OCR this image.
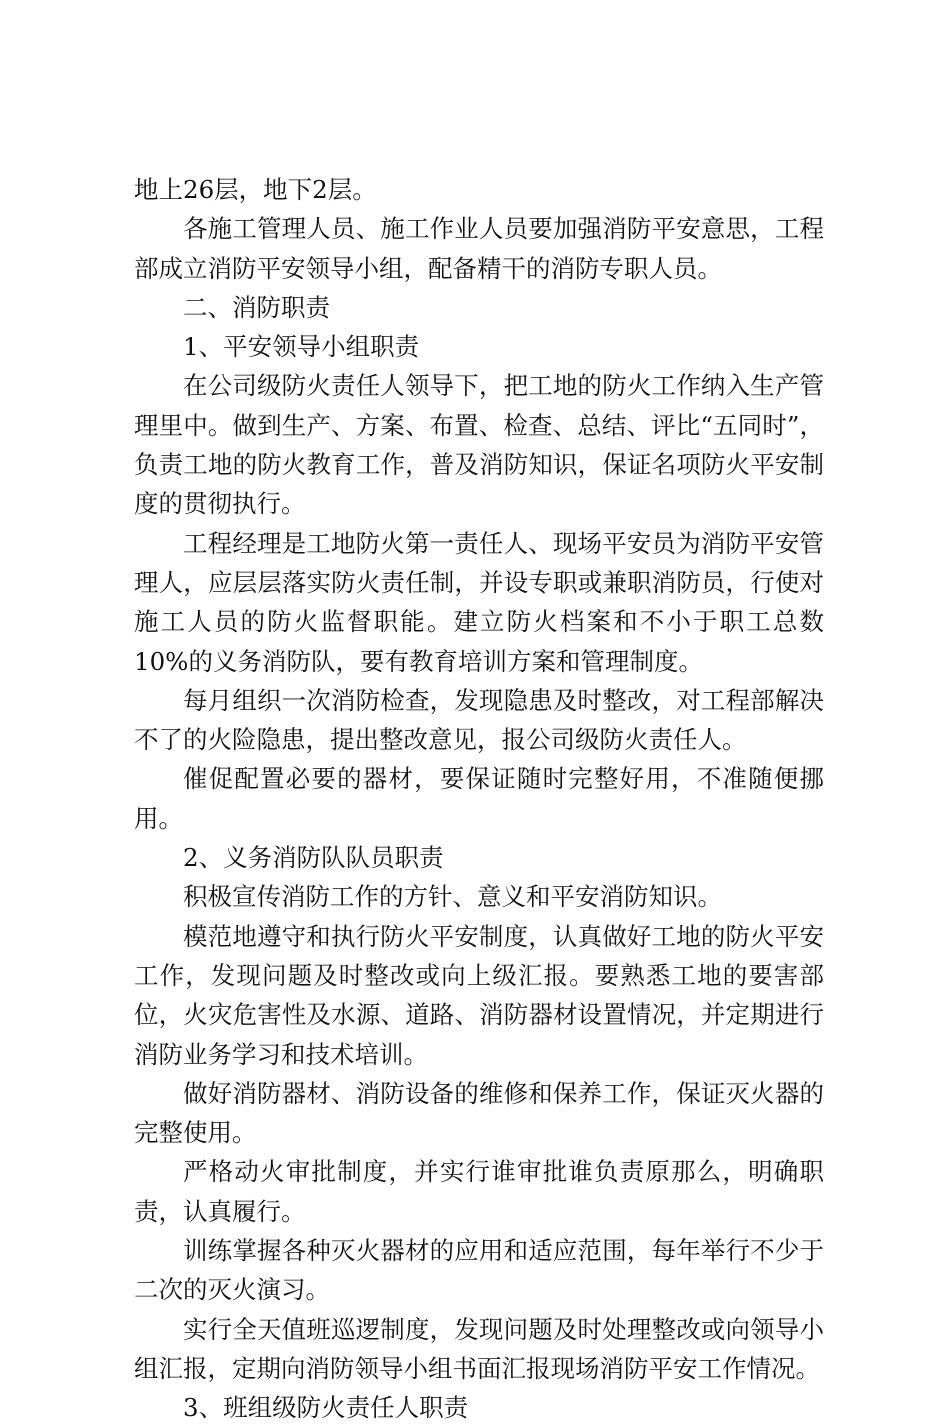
地上26层，地下2层。

各施工管理人员、施工作业人员要加强消防平安意思，工程部成立消防平安领导小组，配备精干的消防专职人员。

二、消防职责

1、平安领导小组职责

在公司级防火责任人领导下，把工地的防火工作纳入生产管理里中。做到生产、方案、布置、检查、总结、评比“五同时”，负责工地的防火教育工作，普及消防知识，保证名项防火平安制度的贯彻执行。

工程经理是工地防火第一责任人、现场平安员为消防平安管理人，应层层落实防火责任制，并设专职或兼职消防员，行使对施工人员的防火监督职能。建立防火档案和不小于职工总数10%的义务消防队，要有教育培训方案和管理制度。

每月组织一次消防检查，发现隐患及时整改，对工程部解决不了的火险隐患，提出整改意见，报公司级防火责任人。

催促配置必要的器材，要保证随时完整好用，不准随便挪用。

2、义务消防队队员职责

积极宣传消防工作的方针、意义和平安消防知识。

模范地遵守和执行防火平安制度，认真做好工地的防火平安工作，发现问题及时整改或向上级汇报。要熟悉工地的要害部位，火灾危害性及水源、道路、消防器材设置情况，并定期进行消防业务学习和技术培训。

做好消防器材、消防设备的维修和保养工作，保证灭火器的完整使用。

严格动火审批制度，并实行谁审批谁负责原那么，明确职责，认真履行。

训练掌握各种灭火器材的应用和适应范围，每年举行不少于二次的灭火演习。

实行全天值班巡逻制度，发现问题及时处理整改或向领导小组汇报，定期向消防领导小组书面汇报现场消防平安工作情况。

3、班组级防火责任人职责
